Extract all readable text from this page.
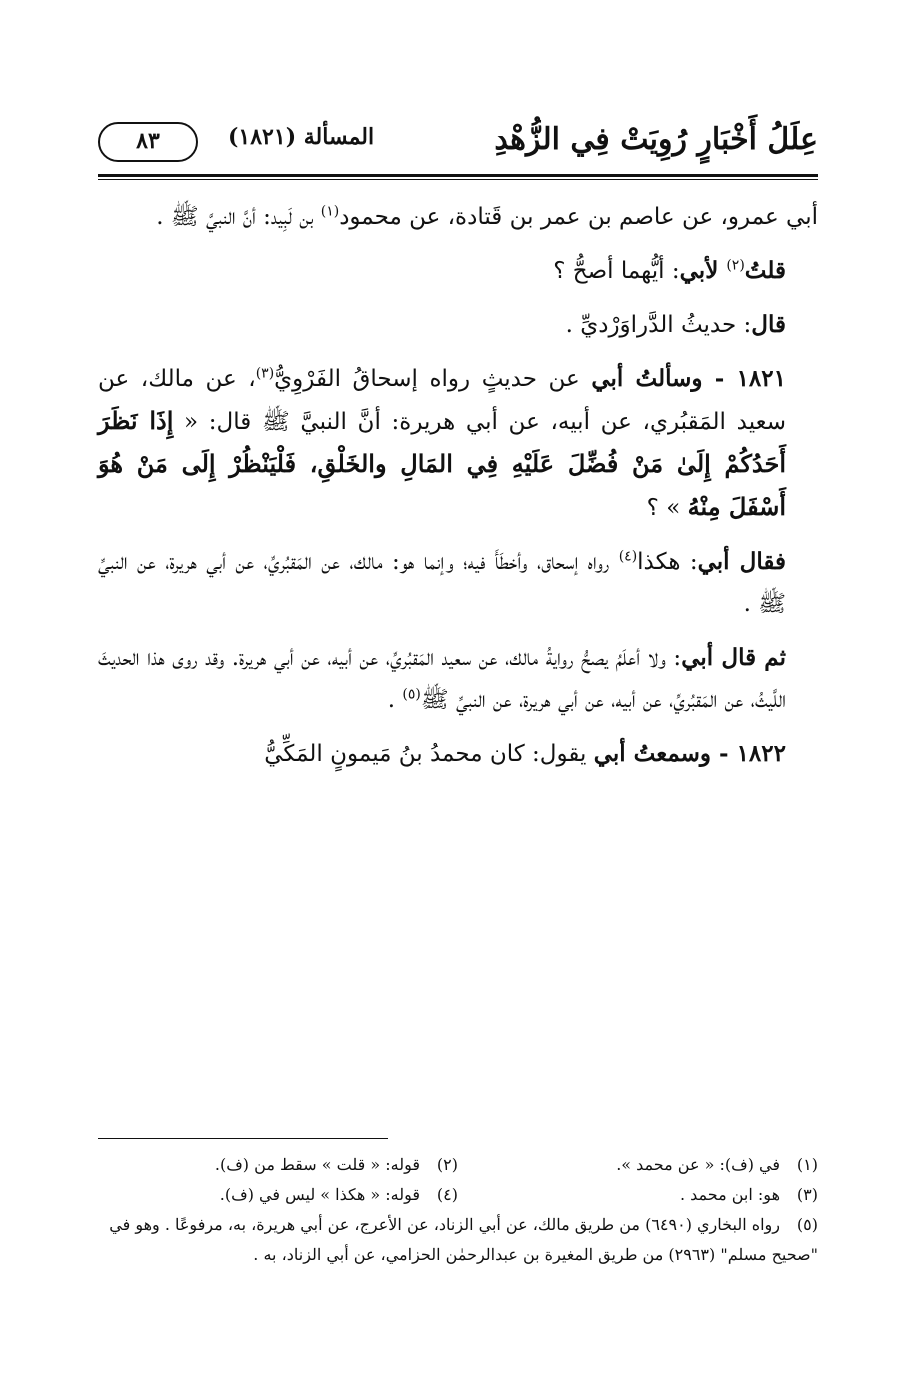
عِلَلُ أَخْبَارٍ رُوِيَتْ فِي الزُّهْدِ
المسألة (١٨٢١)
٨٣

أبي عمرو، عن عاصم بن عمر بن قَتادة، عن محمود$^{(١)}$ بن لَبِيد: أنَّ النبيَّ ﷺ .

قلتُ$^{(٢)}$ لأبي: أيُّهما أصحُّ ؟

قال: حديثُ الدَّراوَرْديِّ .

١٨٢١ - وسألتُ أبي عن حديثٍ رواه إسحاقُ الفَرْوِيُّ$^{(٣)}$، عن مالك، عن سعيد المَقبُري، عن أبيه، عن أبي هريرة: أنَّ النبيَّ ﷺ قال: « إِذَا نَظَرَ أَحَدُكُمْ إِلَىٰ مَنْ فُضِّلَ عَلَيْهِ فِي المَالِ والخَلْقِ، فَلْيَنْظُرْ إِلَى مَنْ هُوَ أَسْفَلَ مِنْهُ » ؟

فقال أبي: هكذا$^{(٤)}$ رواه إسحاق، وأخطَأَ فيه؛ وإنما هو: مالك، عن المَقبُريِّ، عن أبي هريرة، عن النبيِّ ﷺ .

ثم قال أبي: ولا أعلَمُ يصحُّ روايةُ مالك، عن سعيد المَقبُريِّ، عن أبيه، عن أبي هريرة. وقد روى هذا الحديثَ اللَّيثُ، عن المَقبُريِّ، عن أبيه، عن أبي هريرة، عن النبيِّ ﷺ$^{(٥)}$ .

١٨٢٢ - وسمعتُ أبي يقول: كان محمدُ بنُ مَيمونٍ المَكِّيُّ

(١)في (ف): « عن محمد ».
(٢)قوله: « قلت » سقط من (ف).
(٣)هو: ابن محمد .
(٤)قوله: « هكذا » ليس في (ف).
(٥)رواه البخاري (٦٤٩٠) من طريق مالك، عن أبي الزناد، عن الأعرج، عن أبي هريرة، به، مرفوعًا . وهو في "صحيح مسلم" (٢٩٦٣) من طريق المغيرة بن عبدالرحمٰن الحزامي، عن أبي الزناد، به .
